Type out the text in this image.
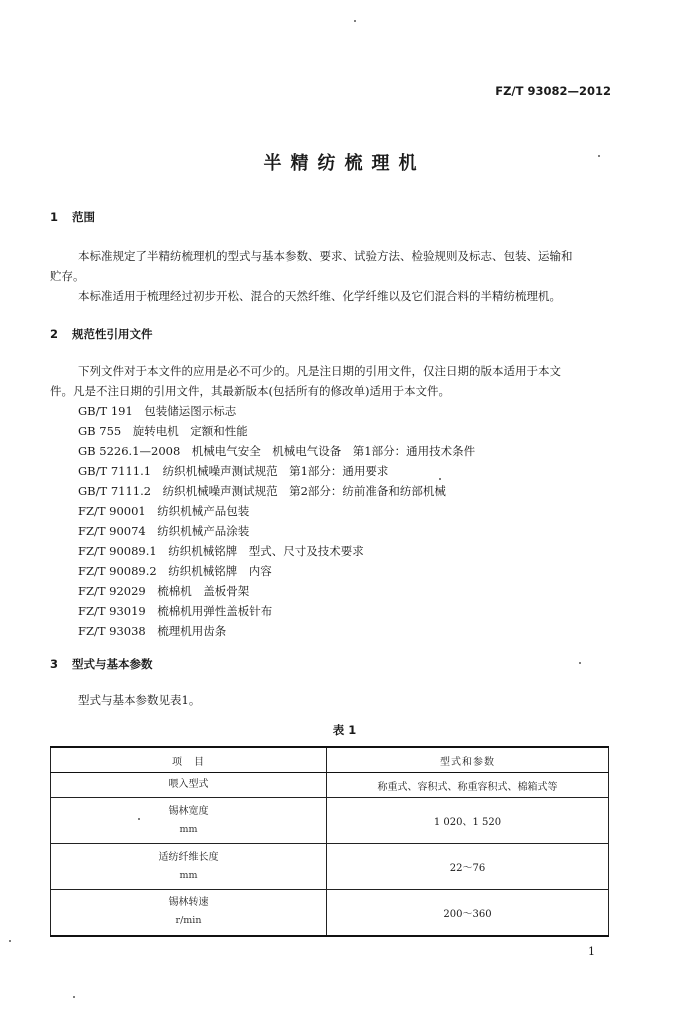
FZ/T 93082—2012
半精纺梳理机
1 范围
本标准规定了半精纺梳理机的型式与基本参数、要求、试验方法、检验规则及标志、包装、运输和
贮存。
本标准适用于梳理经过初步开松、混合的天然纤维、化学纤维以及它们混合料的半精纺梳理机。
2 规范性引用文件
下列文件对于本文件的应用是必不可少的。凡是注日期的引用文件，仅注日期的版本适用于本文
件。凡是不注日期的引用文件，其最新版本(包括所有的修改单)适用于本文件。
GB/T 191　包装储运图示标志
GB 755　旋转电机　定额和性能
GB 5226.1—2008　机械电气安全　机械电气设备　第1部分：通用技术条件
GB/T 7111.1　纺织机械噪声测试规范　第1部分：通用要求
GB/T 7111.2　纺织机械噪声测试规范　第2部分：纺前准备和纺部机械
FZ/T 90001　纺织机械产品包装
FZ/T 90074　纺织机械产品涂装
FZ/T 90089.1　纺织机械铭牌　型式、尺寸及技术要求
FZ/T 90089.2　纺织机械铭牌　内容
FZ/T 92029　梳棉机　盖板骨架
FZ/T 93019　梳棉机用弹性盖板针布
FZ/T 93038　梳理机用齿条
3 型式与基本参数
型式与基本参数见表1。
表 1
项　目	型式和参数
喂入型式	称重式、容积式、称重容积式、棉箱式等

锡林宽度
mm	1 020、1 520

适纺纤维长度
mm	22～76

锡林转速
r/min	200～360
1
